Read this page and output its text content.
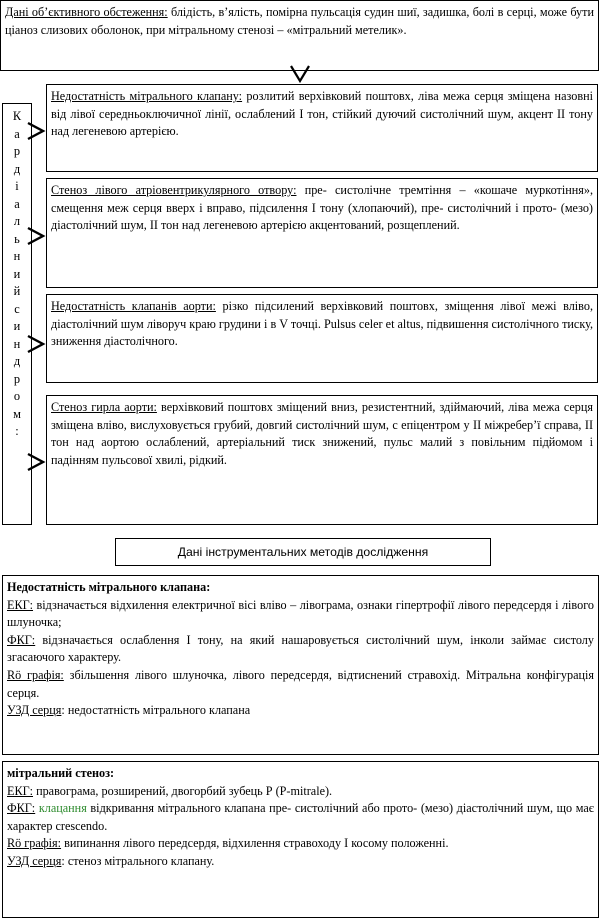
Дані об’єктивного обстеження: блідість, в’ялість, помірна пульсація судин шиї, задишка, болі в серці, може бути ціаноз слизових оболонок, при мітральному стенозі – «мітральний метелик».
К
а
р
д
і
а
л
ь
н
и
й
с
и
н
д
р
о
м
:
Недостатність мітрального клапану: розлитий верхівковий поштовх, ліва межа серця зміщена назовні від лівої середньоключичної лінії, ослаблений І тон, стійкий дуючий систолічний шум, акцент ІІ тону над легеневою артерією.
Стеноз лівого атріовентрикулярного отвору: пре- систолічне тремтіння – «кошаче муркотіння», смещення меж серця вверх і вправо, підсилення І тону (хлопаючий), пре- систолічний і прото- (мезо) діастолічний шум, ІІ тон над легеневою артерією акцентований, розщеплений.
Недостатність клапанів аорти: різко підсилений верхівковий поштовх, зміщення лівої межі вліво, діастолічний шум ліворуч краю грудини і в V точці. Pulsus celer et altus, підвишення систолічного тиску, зниження діастолічного.
Стеноз гирла аорти: верхівковий поштовх зміщений вниз, резистентний, здіймаючий, ліва межа серця зміщена вліво, вислуховується грубий, довгий систолічний шум, с епіцентром у ІІ міжребер’ї справа, ІІ тон над аортою ослаблений, артеріальний тиск знижений, пульс малий з повільним підйомом і падінням пульсової хвилі, рідкий.
Дані інструментальних методів дослідження

Недостатність мітрального клапана:

ЕКГ: відзначається відхилення електричної вісі вліво – лівограма, ознаки гіпертрофії лівого передсердя і лівого шлуночка;

ФКГ: відзначається ослаблення І тону, на який нашаровується систолічний шум, інколи займає систолу згасаючого характеру.

Rö графія: збільшення лівого шлуночка, лівого передсердя, відтиснений стравохід. Мітральна конфігурація серця.

УЗД серця: недостатність мітрального клапана

мітральний стеноз:

ЕКГ: правограма, розширений, двогорбий зубець Р (Р-mitrale).

ФКГ: клацання відкривання мітрального клапана пре- систолічний або прото- (мезо) діастолічний шум, що має характер crescendo.

Rö графія: випинання лівого передсердя, відхилення стравоходу І косому положенні.

УЗД серця: стеноз мітрального клапану.
